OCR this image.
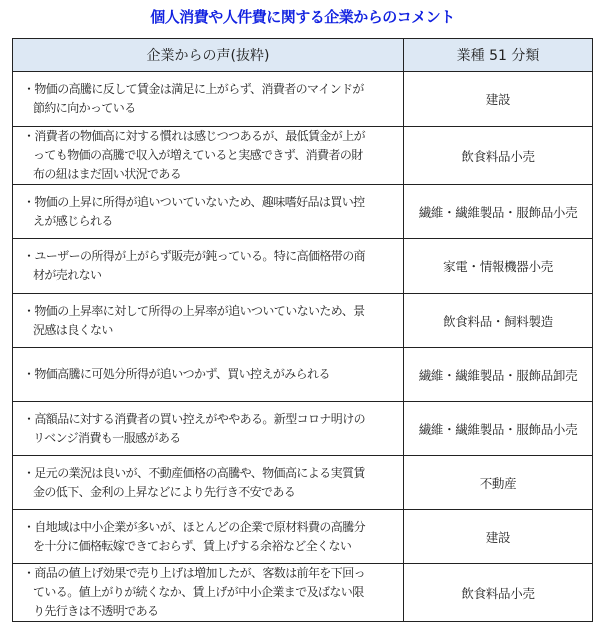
個人消費や人件費に関する企業からのコメント
企業からの声(抜粋)	業種 51 分類

・物価の高騰に反して賃金は満足に上がらず、消費者のマインドが
節約に向かっている	建設

・消費者の物価高に対する慣れは感じつつあるが、最低賃金が上が
っても物価の高騰で収入が増えていると実感できず、消費者の財
布の紐はまだ固い状況である	飲食料品小売

・物価の上昇に所得が追いついていないため、趣味嗜好品は買い控
えが感じられる	繊維・繊維製品・服飾品小売

・ユーザーの所得が上がらず販売が鈍っている。特に高価格帯の商
材が売れない	家電・情報機器小売

・物価の上昇率に対して所得の上昇率が追いついていないため、景
況感は良くない	飲食料品・飼料製造

・物価高騰に可処分所得が追いつかず、買い控えがみられる	繊維・繊維製品・服飾品卸売

・高額品に対する消費者の買い控えがややある。新型コロナ明けの
リベンジ消費も一服感がある	繊維・繊維製品・服飾品小売

・足元の業況は良いが、不動産価格の高騰や、物価高による実質賃
金の低下、金利の上昇などにより先行き不安である	不動産

・自地域は中小企業が多いが、ほとんどの企業で原材料費の高騰分
を十分に価格転嫁できておらず、賃上げする余裕など全くない	建設

・商品の値上げ効果で売り上げは増加したが、客数は前年を下回っ
ている。値上がりが続くなか、賃上げが中小企業まで及ばない限
り先行きは不透明である	飲食料品小売
